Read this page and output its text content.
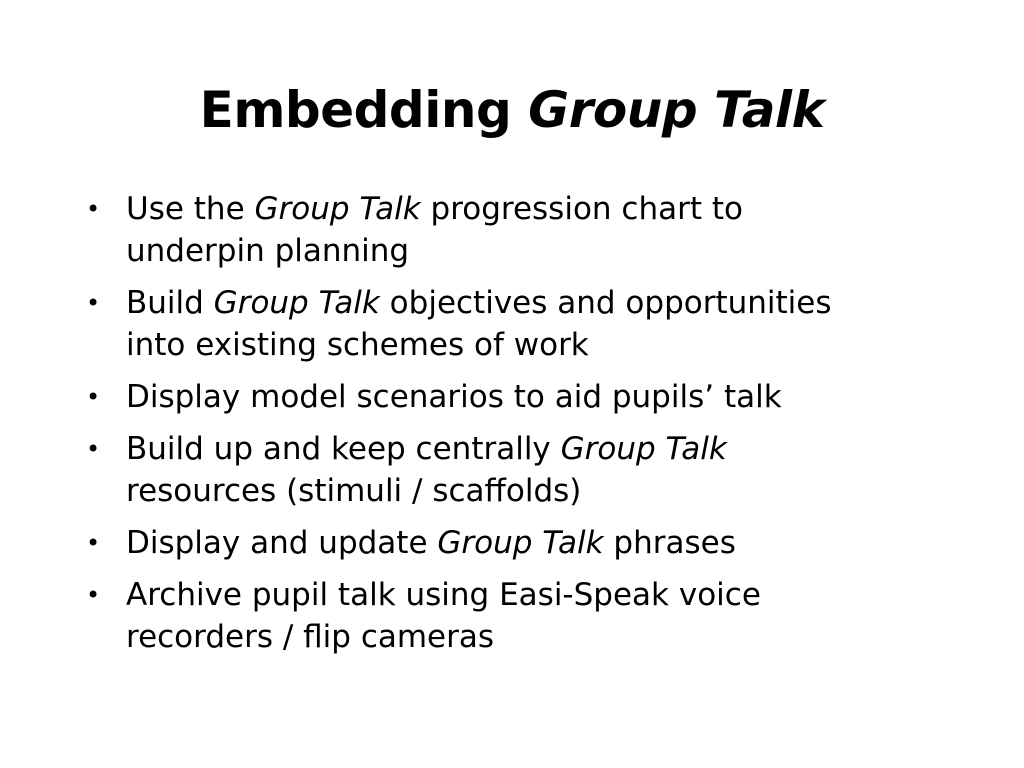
Embedding Group Talk
• Use the Group Talk progression chart to
underpin planning
• Build Group Talk objectives and opportunities
into existing schemes of work
• Display model scenarios to aid pupils’ talk
• Build up and keep centrally Group Talk
resources (stimuli / scaffolds)
• Display and update Group Talk phrases
• Archive pupil talk using Easi-Speak voice
recorders / flip cameras
